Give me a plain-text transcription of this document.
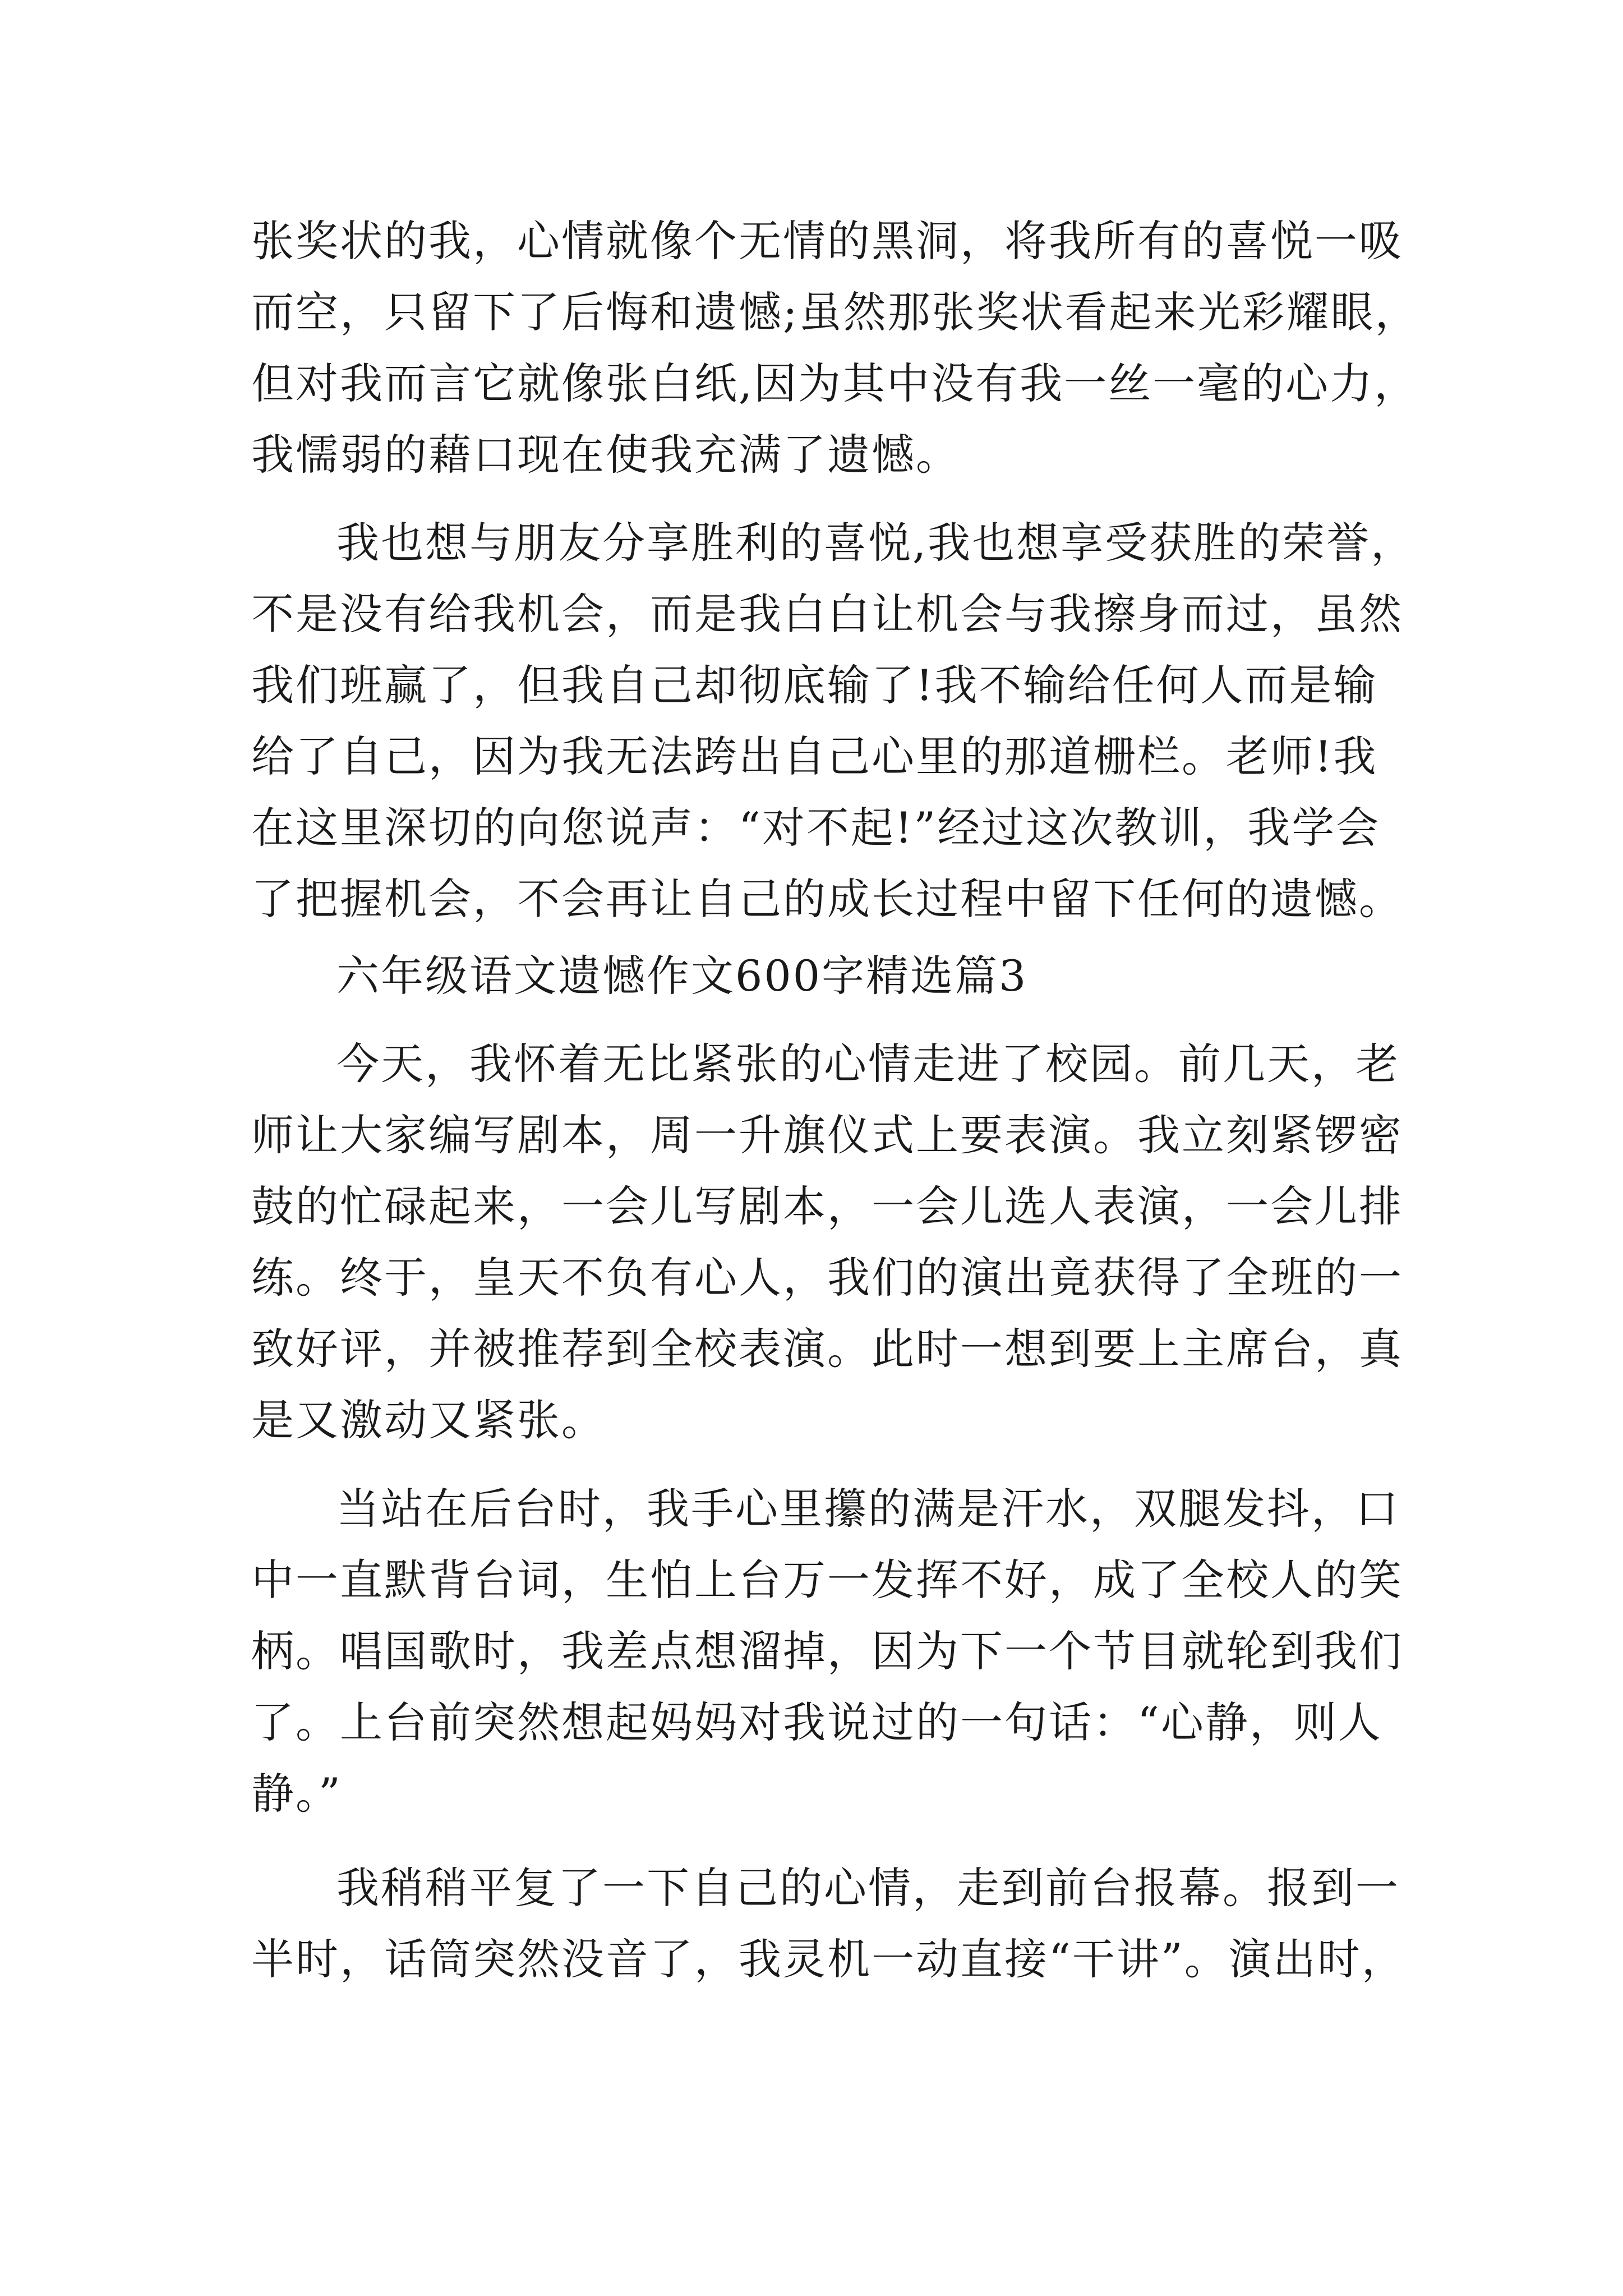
张奖状的我，心情就像个无情的黑洞，将我所有的喜悦一吸
而空，只留下了后悔和遗憾;虽然那张奖状看起来光彩耀眼，
但对我而言它就像张白纸,因为其中没有我一丝一毫的心力，
我懦弱的藉口现在使我充满了遗憾。
我也想与朋友分享胜利的喜悦,我也想享受获胜的荣誉，
不是没有给我机会，而是我白白让机会与我擦身而过，虽然
我们班赢了，但我自己却彻底输了!我不输给任何人而是输
给了自己，因为我无法跨出自己心里的那道栅栏。老师!我
在这里深切的向您说声：“对不起!”经过这次教训，我学会
了把握机会，不会再让自己的成长过程中留下任何的遗憾。
六年级语文遗憾作文600字精选篇3
今天，我怀着无比紧张的心情走进了校园。前几天，老
师让大家编写剧本，周一升旗仪式上要表演。我立刻紧锣密
鼓的忙碌起来，一会儿写剧本，一会儿选人表演，一会儿排
练。终于，皇天不负有心人，我们的演出竟获得了全班的一
致好评，并被推荐到全校表演。此时一想到要上主席台，真
是又激动又紧张。
当站在后台时，我手心里攥的满是汗水，双腿发抖，口
中一直默背台词，生怕上台万一发挥不好，成了全校人的笑
柄。唱国歌时，我差点想溜掉，因为下一个节目就轮到我们
了。上台前突然想起妈妈对我说过的一句话：“心静，则人
静。”
我稍稍平复了一下自己的心情，走到前台报幕。报到一
半时，话筒突然没音了，我灵机一动直接“干讲”。演出时，
